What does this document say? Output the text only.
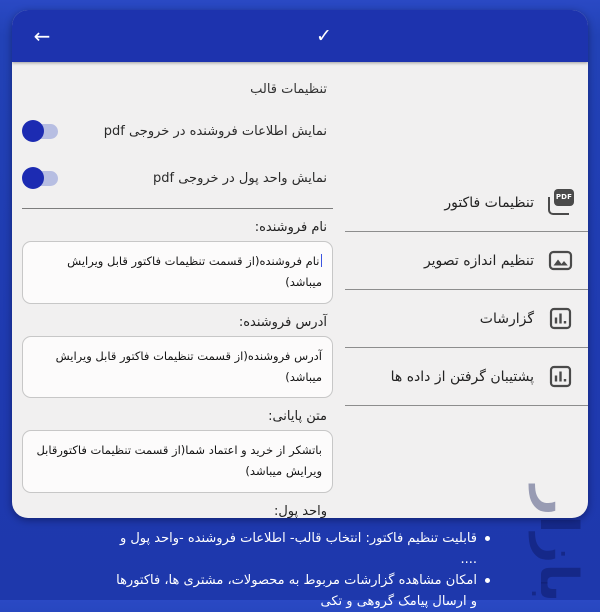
←	✓
تنظیمات قالب
نمایش اطلاعات فروشنده در خروجی pdf
نمایش واحد پول در خروجی pdf
نام فروشنده:
نام فروشنده(از قسمت تنظیمات فاکتور قابل ویرایش میباشد)
آدرس فروشنده:
آدرس فروشنده(از قسمت تنظیمات فاکتور قابل ویرایش میباشد)
متن پایانی:
باتشکر از خرید و اعتماد شما(از قسمت تنظیمات فاکتورقابل ویرایش میباشد)
واحد پول:
PDF
تنظیمات فاکتور
تنظیم اندازه تصویر
گزارشات
پشتیبان گرفتن از داده ها
قابلیت تنظیم فاکتور: انتخاب قالب- اطلاعات فروشنده -واحد پول و ....
امکان مشاهده گزارشات مربوط به محصولات، مشتری ها، فاکتورها و ارسال پیامک گروهی و تکی بازار
